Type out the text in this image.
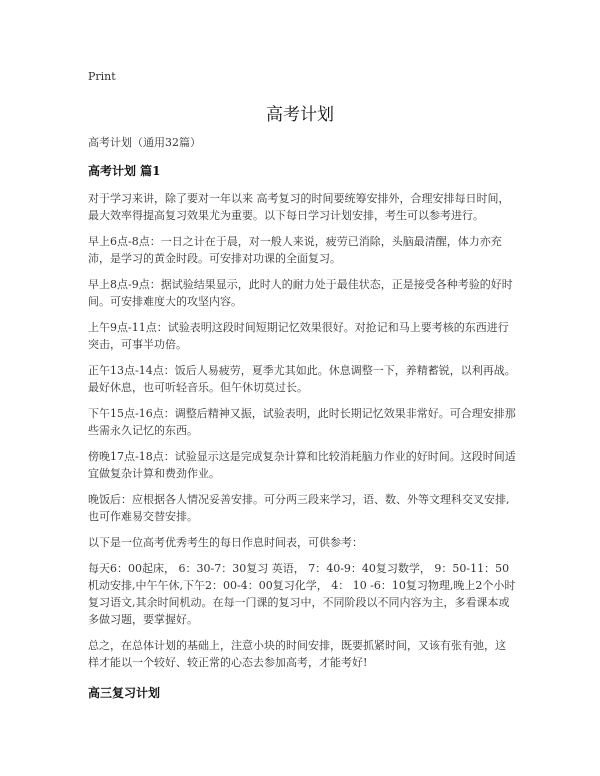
Print
高考计划

高考计划（通用32篇）

高考计划 篇1

对于学习来讲，除了要对一年以来 高考复习的时间要统筹安排外，合理安排每日时间，最大效率得提高复习效果尤为重要。以下每日学习计划安排，考生可以参考进行。

早上6点-8点：一日之计在于晨，对一般人来说，疲劳已消除，头脑最清醒，体力亦充沛，是学习的黄金时段。可安排对功课的全面复习。

早上8点-9点：据试验结果显示，此时人的耐力处于最佳状态，正是接受各种考验的好时间。可安排难度大的攻坚内容。

上午9点-11点：试验表明这段时间短期记忆效果很好。对抢记和马上要考核的东西进行突击，可事半功倍。

正午13点-14点：饭后人易疲劳，夏季尤其如此。休息调整一下，养精蓄锐，以利再战。最好休息，也可听轻音乐。但午休切莫过长。

下午15点-16点：调整后精神又振，试验表明，此时长期记忆效果非常好。可合理安排那些需永久记忆的东西。

傍晚17点-18点：试验显示这是完成复杂计算和比较消耗脑力作业的好时间。这段时间适宜做复杂计算和费劲作业。

晚饭后：应根据各人情况妥善安排。可分两三段来学习，语、数、外等文理科交叉安排,也可作难易交替安排。

以下是一位高考优秀考生的每日作息时间表，可供参考：

每天6：00起床， 6：30-7：30复习 英语， 7：40-9：40复习数学， 9：50-11：50机动安排,中午午休,下午2：00-4：00复习化学， 4： 10 -6：10复习物理,晚上2个小时复习语文,其余时间机动。在每一门课的复习中，不同阶段以不同内容为主，多看课本或多做习题，要掌握好。

总之，在总体计划的基础上，注意小块的时间安排，既要抓紧时间，又该有张有弛，这样才能以一个较好、较正常的心态去参加高考，才能考好!

高三复习计划
